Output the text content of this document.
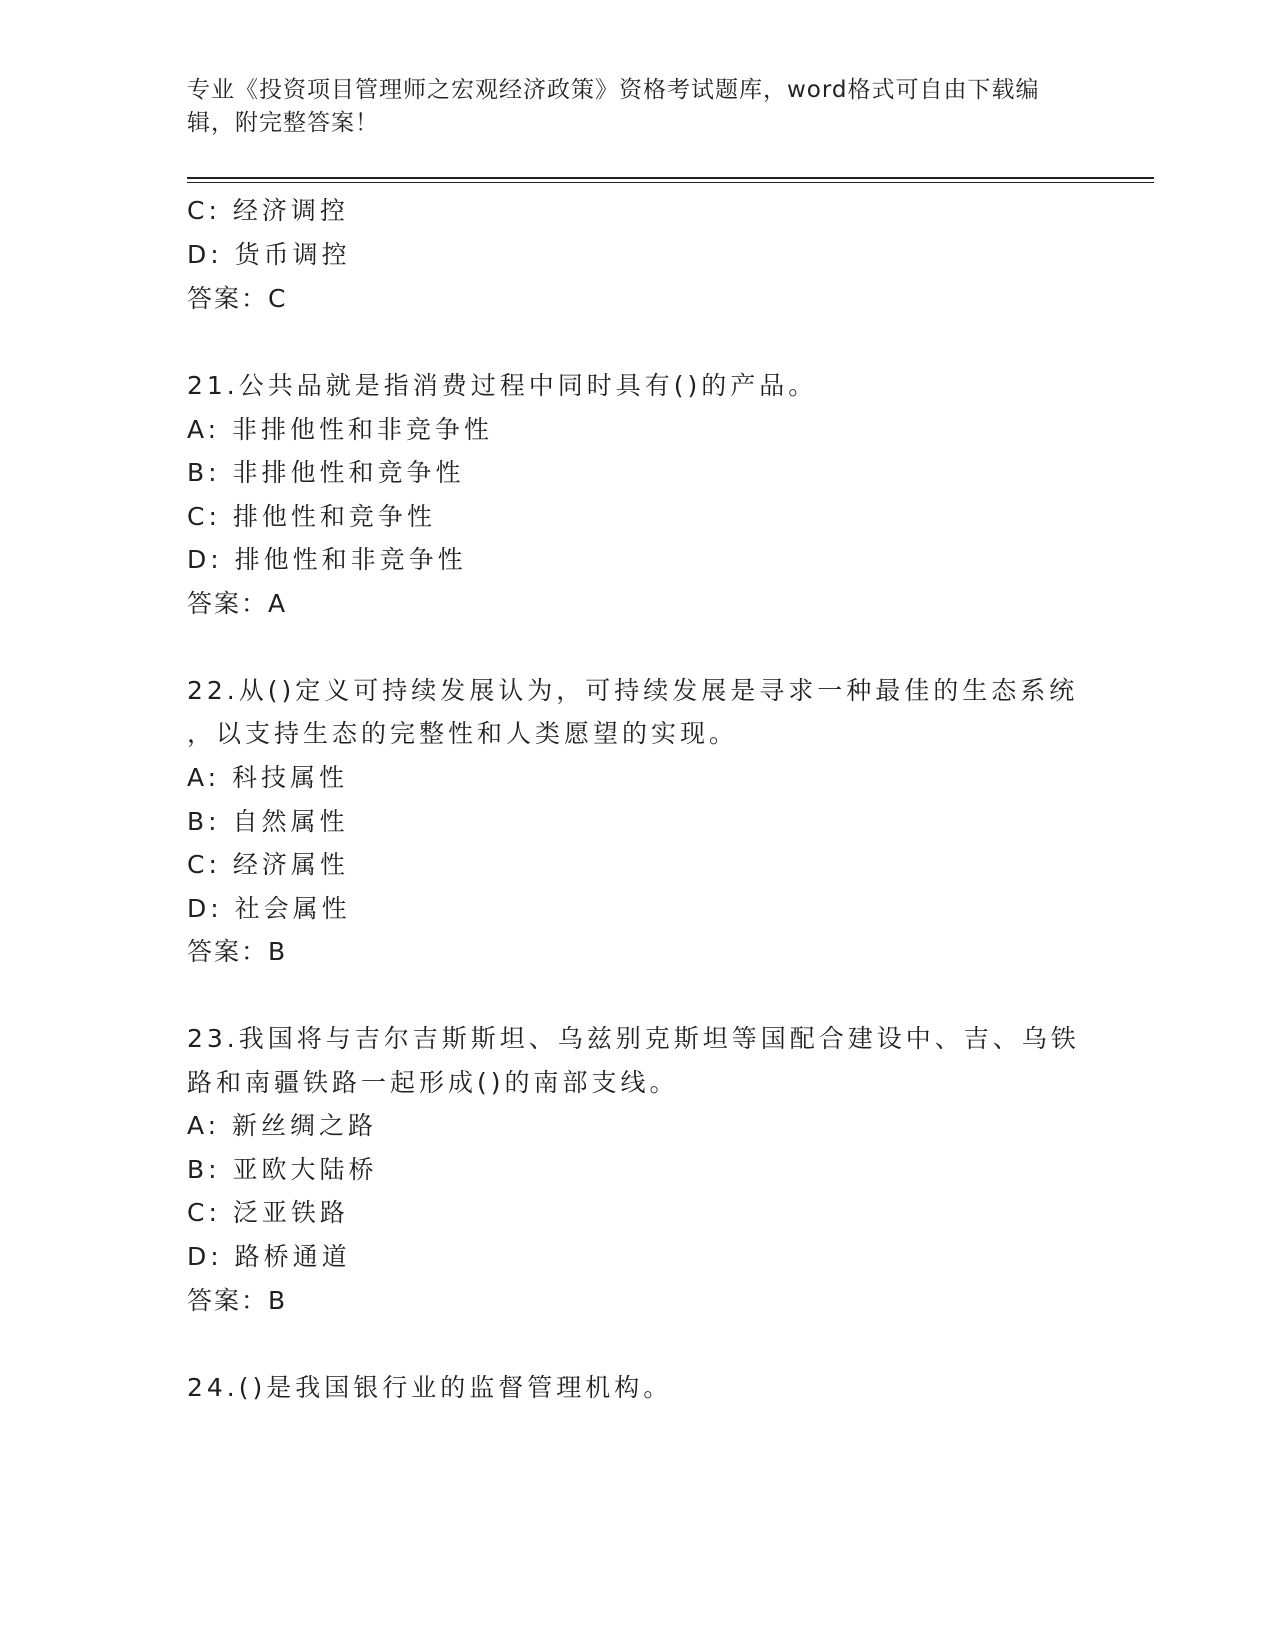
专业《投资项目管理师之宏观经济政策》资格考试题库，word格式可自由下载编辑，附完整答案！
C: 经济调控
D: 货币调控
答案：C
21.公共品就是指消费过程中同时具有()的产品。
A: 非排他性和非竞争性
B: 非排他性和竞争性
C: 排他性和竞争性
D: 排他性和非竞争性
答案：A
22.从()定义可持续发展认为，可持续发展是寻求一种最佳的生态系统
，以支持生态的完整性和人类愿望的实现。
A: 科技属性
B: 自然属性
C: 经济属性
D: 社会属性
答案：B
23.我国将与吉尔吉斯斯坦、乌兹别克斯坦等国配合建设中、吉、乌铁
路和南疆铁路一起形成()的南部支线。
A: 新丝绸之路
B: 亚欧大陆桥
C: 泛亚铁路
D: 路桥通道
答案：B
24.()是我国银行业的监督管理机构。
